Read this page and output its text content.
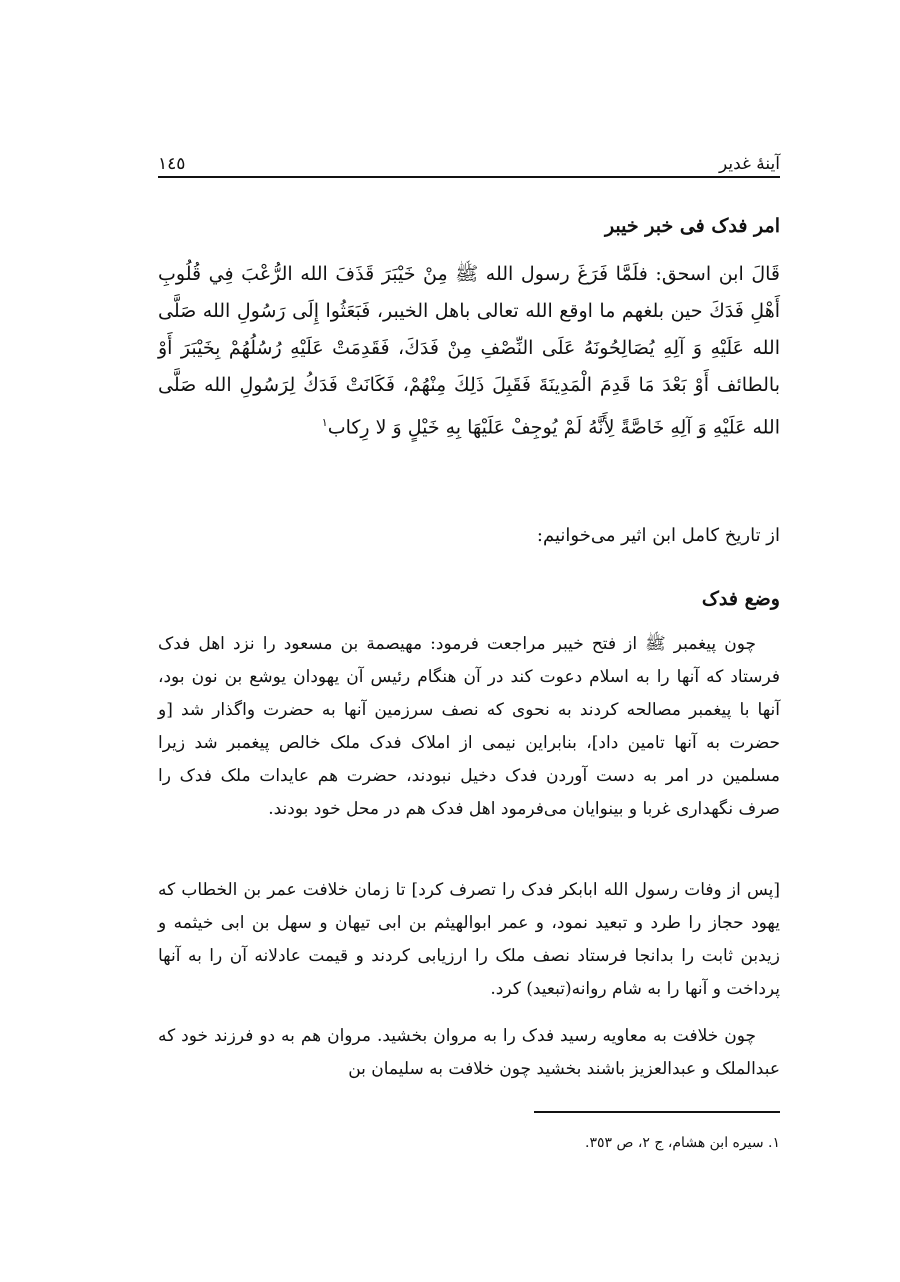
آینهٔ غدیر
١٤٥
امر فدک فی خبر خیبر

قَالَ ابن اسحق: فلَمَّا فَرَغَ رسول الله ﷺ مِنْ خَيْبَرَ قَذَفَ الله الرُّعْبَ فِي قُلُوبِ أَهْلِ فَدَكَ حين بلغهم ما اوقع الله تعالى باهل الخيبر، فَبَعَثُوا إِلَى رَسُولِ الله صَلَّى الله عَلَيْهِ وَ آلِهِ يُصَالِحُونَهُ عَلَى النِّصْفِ مِنْ فَدَكَ، فَقَدِمَتْ عَلَيْهِ رُسُلُهُمْ بِخَيْبَرَ أَوْ بالطائف أَوْ بَعْدَ مَا قَدِمَ الْمَدِينَةَ فَقَبِلَ ذَلِكَ مِنْهُمْ، فَكَانَتْ فَدَكُ لِرَسُولِ الله صَلَّى الله عَلَيْهِ وَ آلِهِ خَاصَّةً لِأَنَّهُ لَمْ يُوجِفْ عَلَيْهَا بِهِ خَيْلٍ وَ لا رِكاب$^١$

از تاریخ کامل ابن اثیر می‌خوانیم:

وضع فدک

چون پیغمبر ﷺ از فتح خیبر مراجعت فرمود: مهیصمة بن مسعود را نزد اهل فدک فرستاد که آنها را به اسلام دعوت کند در آن هنگام رئیس آن یهودان یوشع بن نون بود، آنها با پیغمبر مصالحه کردند به نحوی که نصف سرزمین آنها به حضرت واگذار شد [و حضرت به آنها تامین داد]، بنابراین نیمی از املاک فدک ملک خالص پیغمبر شد زیرا مسلمین در امر به دست آوردن فدک دخیل نبودند، حضرت هم عایدات ملک فدک را صرف نگهداری غربا و بینوایان می‌فرمود اهل فدک هم در محل خود بودند.

[پس از وفات رسول الله ابابکر فدک را تصرف کرد] تا زمان خلافت عمر بن الخطاب که یهود حجاز را طرد و تبعید نمود، و عمر ابوالهیثم بن ابی تیهان و سهل بن ابی خیثمه و زیدبن ثابت را بدانجا فرستاد نصف ملک را ارزیابی کردند و قیمت عادلانه آن را به آنها پرداخت و آنها را به شام روانه(تبعید) کرد.

چون خلافت به معاویه رسید فدک را به مروان بخشید. مروان هم به دو فرزند خود که عبدالملک و عبدالعزیز باشند بخشید چون خلافت به سلیمان بن

١. سیره ابن هشام، ج ٢، ص ٣٥٣.
